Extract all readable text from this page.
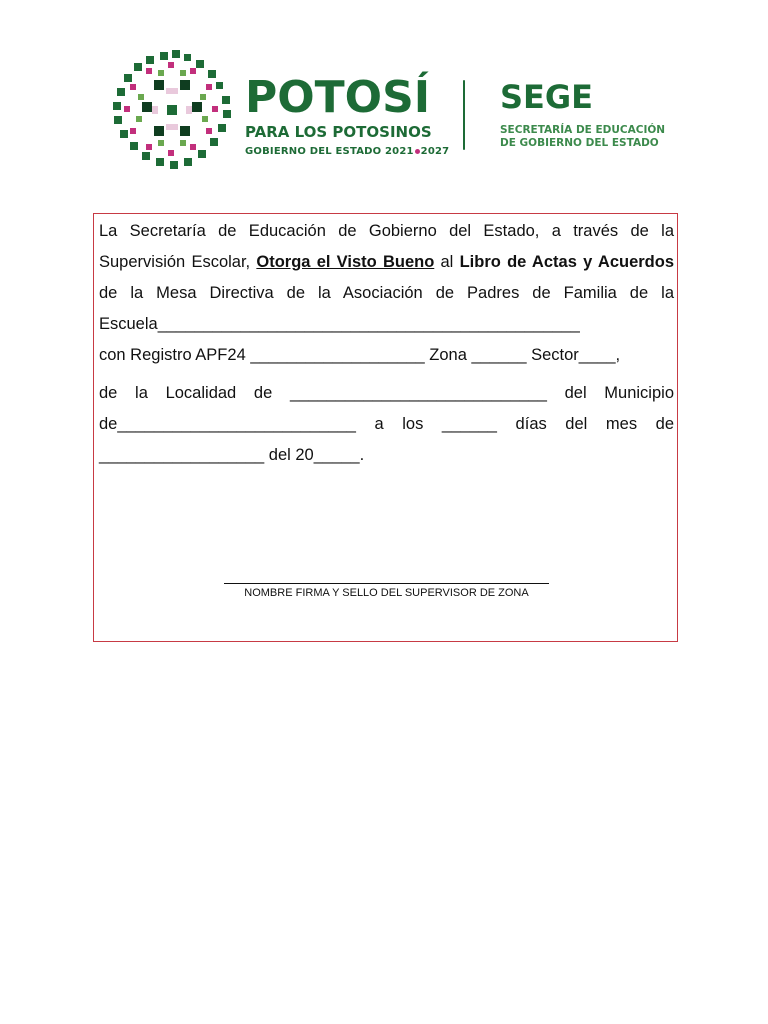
POTOSÍ
PARA LOS POTOSINOS
GOBIERNO DEL ESTADO 2021 2027
SEGE
SECRETARÍA DE EDUCACIÓN
DE GOBIERNO DEL ESTADO
La Secretaría de Educación de Gobierno del Estado, a través de la Supervisión Escolar, Otorga el Visto Bueno al Libro de Actas y Acuerdos de la Mesa Directiva de la Asociación de Padres de Familia de la Escuela______________________________________________
con Registro APF24 ___________________ Zona ______ Sector____,
de la Localidad de ____________________________ del Municipio de__________________________ a los ______ días del mes de __________________ del 20_____.
NOMBRE FIRMA Y SELLO DEL SUPERVISOR DE ZONA
